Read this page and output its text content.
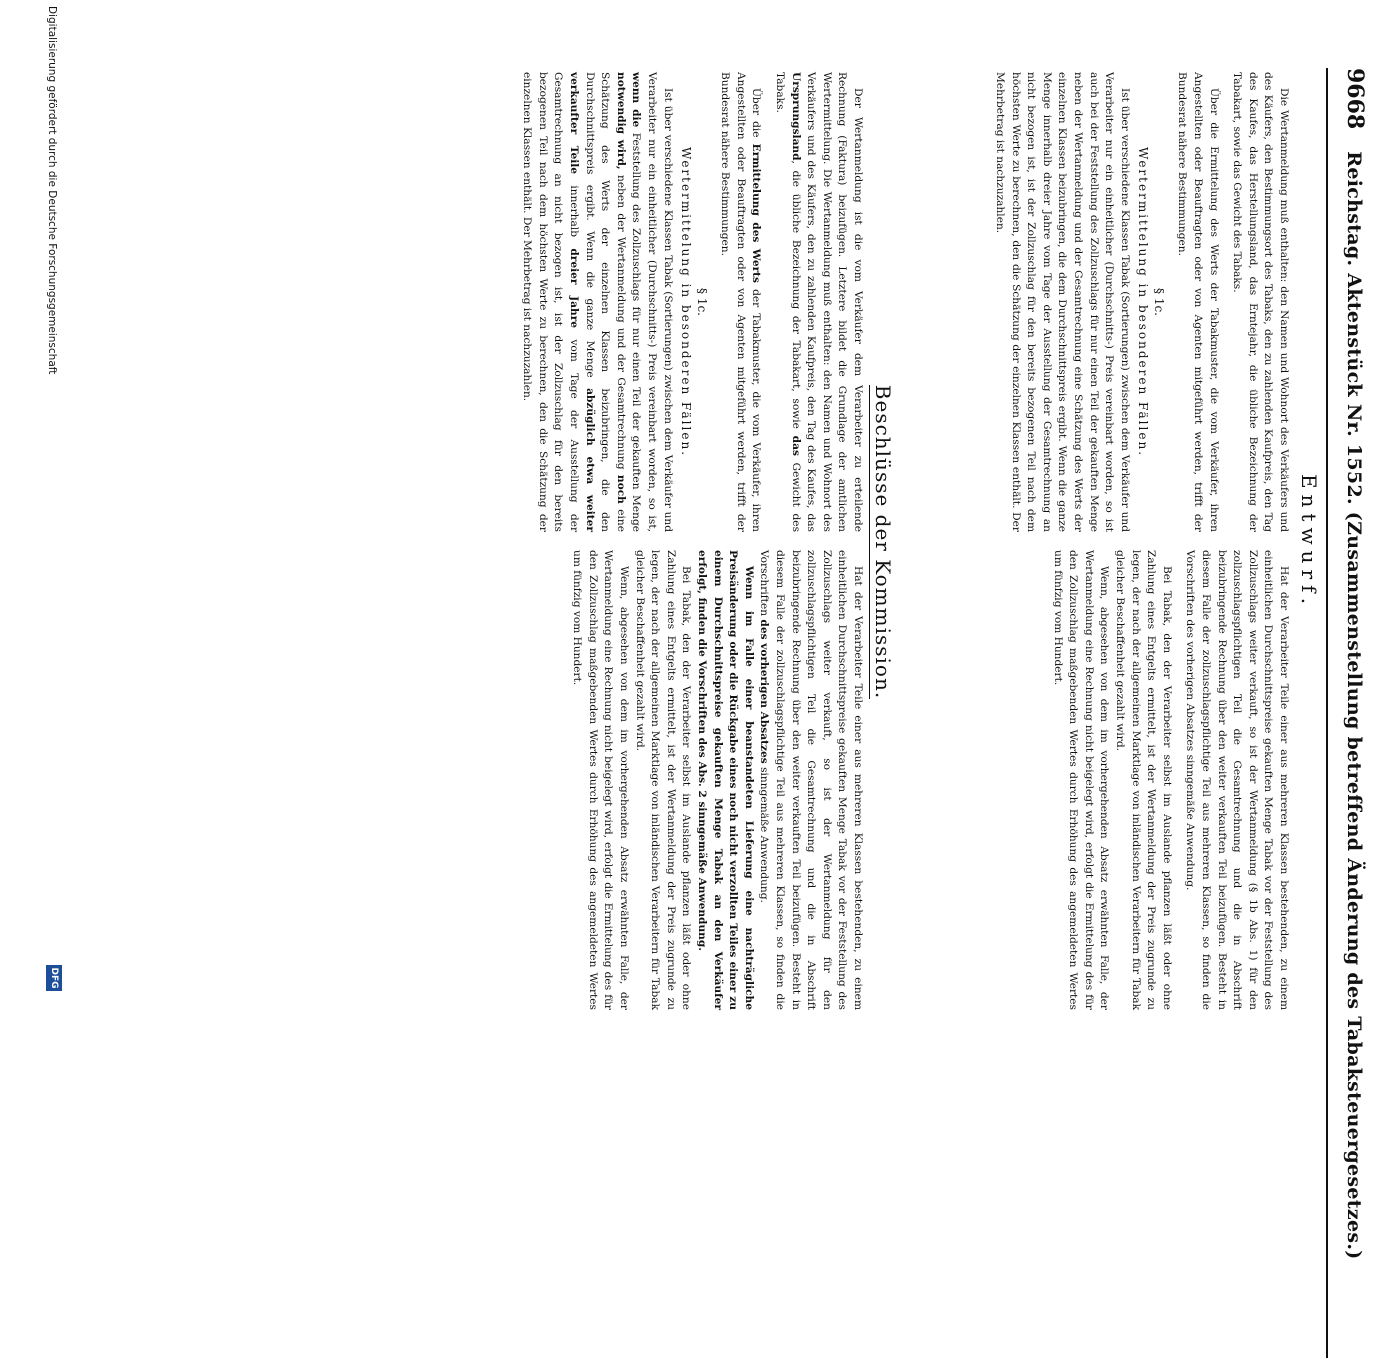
9668
Reichstag. Aktenstück Nr. 1552. (Zusammenstellung betreffend Änderung des Tabaksteuergesetzes.)
Entwurf.

Die Wertanmeldung muß enthalten: den Namen und Wohnort des Verkäufers und des Käufers, den Bestimmungsort des Tabaks, den zu zahlenden Kaufpreis, den Tag des Kaufes, das Herstellungsland, das Erntejahr, die übliche Bezeichnung der Tabakart, sowie das Gewicht des Tabaks.

Über die Ermittelung des Werts der Tabakmuster, die vom Verkäufer, ihren Angestellten oder Beauftragten oder von Agenten mitgeführt werden, trifft der Bundesrat nähere Bestimmungen.

§ 1c.

Wertermittelung in besonderen Fällen.

Ist über verschiedene Klassen Tabak (Sortierungen) zwischen dem Verkäufer und Verarbeiter nur ein einheitlicher (Durchschnitts-) Preis vereinbart worden, so ist auch bei der Feststellung des Zollzuschlags für nur einen Teil der gekauften Menge neben der Wertanmeldung und der Gesamtrechnung eine Schätzung des Werts der einzelnen Klassen beizubringen, die dem Durchschnittspreis ergibt. Wenn die ganze Menge innerhalb dreier Jahre vom Tage der Ausstellung der Gesamtrechnung an nicht bezogen ist, ist der Zollzuschlag für den bereits bezogenen Teil nach dem höchsten Werte zu berechnen, den die Schätzung der einzelnen Klassen enthält. Der Mehrbetrag ist nachzuzahlen.

Hat der Verarbeiter Teile einer aus mehreren Klassen bestehenden, zu einem einheitlichen Durchschnittspreise gekauften Menge Tabak vor der Feststellung des Zollzuschlags weiter verkauft, so ist der Wertanmeldung (§ 1b Abs. 1) für den zollzuschlagspflichtigen Teil die Gesamtrechnung und die in Abschrift beizubringende Rechnung über den weiter verkauften Teil beizufügen. Besteht in diesem Falle der zollzuschlagspflichtige Teil aus mehreren Klassen, so finden die Vorschriften des vorherigen Absatzes sinngemäße Anwendung.

Bei Tabak, den der Verarbeiter selbst im Auslande pflanzen läßt oder ohne Zahlung eines Entgelts ermittelt, ist der Wertanmeldung der Preis zugrunde zu legen, der nach der allgemeinen Marktlage von inländischen Verarbeitern für Tabak gleicher Beschaffenheit gezahlt wird.

Wenn, abgesehen von dem im vorhergehenden Absatz erwähnten Falle, der Wertanmeldung eine Rechnung nicht beigelegt wird, erfolgt die Ermittelung des für den Zollzuschlag maßgebenden Wertes durch Erhöhung des angemeldeten Wertes um fünfzig vom Hundert.

Beschlüsse der Kommission.

Der Wertanmeldung ist die vom Verkäufer dem Verarbeiter zu erteilende Rechnung (Faktura) beizufügen. Letztere bildet die Grundlage der amtlichen Wertermittelung. Die Wertanmeldung muß enthalten: den Namen und Wohnort des Verkäufers und des Käufers, den zu zahlenden Kaufpreis, den Tag des Kaufes, das Ursprungsland, die übliche Bezeichnung der Tabakart, sowie das Gewicht des Tabaks.

Über die Ermittelung des Werts der Tabakmuster, die vom Verkäufer, ihren Angestellten oder Beauftragten oder von Agenten mitgeführt werden, trifft der Bundesrat nähere Bestimmungen.

§ 1c.

Wertermittelung in besonderen Fällen.

Ist über verschiedene Klassen Tabak (Sortierungen) zwischen dem Verkäufer und Verarbeiter nur ein einheitlicher (Durchschnitts-) Preis vereinbart worden, so ist, wenn die Feststellung des Zollzuschlags für nur einen Teil der gekauften Menge notwendig wird, neben der Wertanmeldung und der Gesamtrechnung noch eine Schätzung des Werts der einzelnen Klassen beizubringen, die den Durchschnittspreis ergibt. Wenn die ganze Menge abzüglich etwa weiter verkaufter Teile innerhalb dreier Jahre vom Tage der Ausstellung der Gesamtrechnung an nicht bezogen ist, ist der Zollzuschlag für den bereits bezogenen Teil nach dem höchsten Werte zu berechnen, den die Schätzung der einzelnen Klassen enthält. Der Mehrbetrag ist nachzuzahlen.

Hat der Verarbeiter Teile einer aus mehreren Klassen bestehenden, zu einem einheitlichen Durchschnittspreise gekauften Menge Tabak vor der Feststellung des Zollzuschlags weiter verkauft, so ist der Wertanmeldung für den zollzuschlagspflichtigen Teil die Gesamtrechnung und die in Abschrift beizubringende Rechnung über den weiter verkauften Teil beizufügen. Besteht in diesem Falle der zollzuschlagspflichtige Teil aus mehreren Klassen, so finden die Vorschriften des vorherigen Absatzes sinngemäße Anwendung.

Wenn im Falle einer beanstandeten Lieferung eine nachträgliche Preisänderung oder die Rückgabe eines noch nicht verzollten Teiles einer zu einem Durchschnittspreise gekauften Menge Tabak an den Verkäufer erfolgt, finden die Vorschriften des Abs. 2 sinngemäße Anwendung.

Bei Tabak, den der Verarbeiter selbst im Auslande pflanzen läßt oder ohne Zahlung eines Entgelts ermittelt, ist der Wertanmeldung der Preis zugrunde zu legen, der nach der allgemeinen Marktlage von inländischen Verarbeitern für Tabak gleicher Beschaffenheit gezahlt wird.

Wenn, abgesehen von dem im vorhergehenden Absatz erwähnten Falle, der Wertanmeldung eine Rechnung nicht beigelegt wird, erfolgt die Ermittelung des für den Zollzuschlag maßgebenden Wertes durch Erhöhung des angemeldeten Wertes um fünfzig vom Hundert.

Digitalisierung gefördert durch die Deutsche Forschungsgemeinschaft
DFG
